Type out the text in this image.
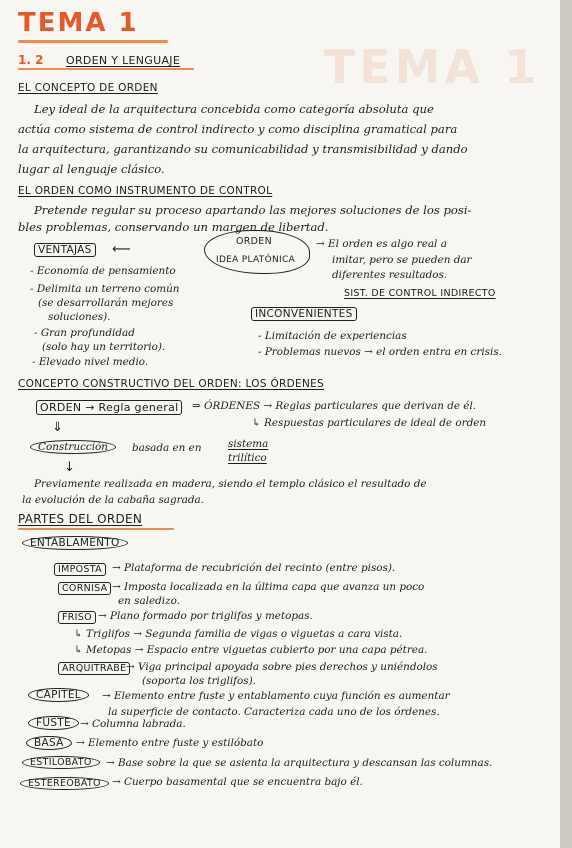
TEMA 1
TEMA 1
1. 2 ORDEN Y LENGUAJE
EL CONCEPTO DE ORDEN
Ley ideal de la arquitectura concebida como categoría absoluta que
actúa como sistema de control indirecto y como disciplina gramatical para
la arquitectura, garantizando su comunicabilidad y transmisibilidad y dando
lugar al lenguaje clásico.
EL ORDEN COMO INSTRUMENTO DE CONTROL
Pretende regular su proceso apartando las mejores soluciones de los posi-
bles problemas, conservando un margen de libertad.
VENTAJAS	⟵
ORDEN
IDEA PLATÓNICA
→ El orden es algo real a
imitar, pero se pueden dar
diferentes resultados.
SIST. DE CONTROL INDIRECTO
- Economía de pensamiento
- Delimita un terreno común
(se desarrollarán mejores
soluciones).
- Gran profundidad
(solo hay un territorio).
- Elevado nivel medio.
INCONVENIENTES
- Limitación de experiencias
- Problemas nuevos → el orden entra en crisis.
CONCEPTO CONSTRUCTIVO DEL ORDEN: LOS ÓRDENES
ORDEN → Regla general	⇒ ÓRDENES → Reglas particulares que derivan de él.
↳ Respuestas particulares de ideal de orden
⇓
Construcción	basada en en	sistema
trilítico
↓
Previamente realizada en madera, siendo el templo clásico el resultado de
la evolución de la cabaña sagrada.
PARTES DEL ORDEN
ENTABLAMENTO
IMPOSTA → Plataforma de recubrición del recinto (entre pisos).
CORNISA → Imposta localizada en la última capa que avanza un poco
en saledizo.
FRISO → Plano formado por triglifos y metopas.
↳ Triglifos → Segunda familia de vigas o viguetas a cara vista.
↳ Metopas → Espacio entre viguetas cubierto por una capa pétrea.
ARQUITRABE → Viga principal apoyada sobre pies derechos y uniéndolos
(soporta los triglifos).
CAPITEL	→ Elemento entre fuste y entablamento cuya función es aumentar
la superficie de contacto. Caracteriza cada uno de los órdenes.
FUSTE → Columna labrada.
BASA	→ Elemento entre fuste y estilóbato
ESTILÓBATO	→ Base sobre la que se asienta la arquitectura y descansan las columnas.
ESTEREÓBATO	→ Cuerpo basamental que se encuentra bajo él.
